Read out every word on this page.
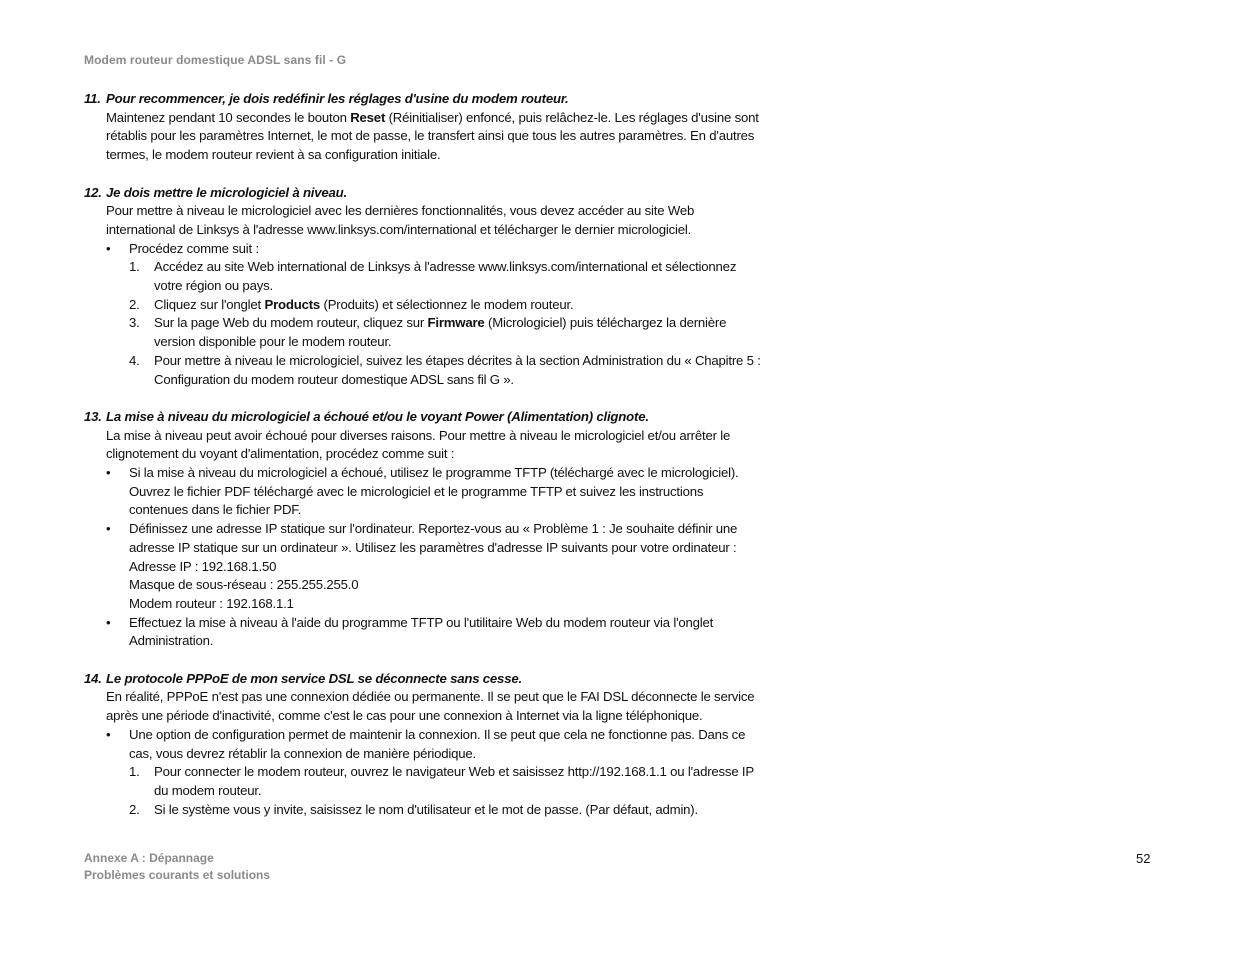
Modem routeur domestique ADSL sans fil - G
11. Pour recommencer, je dois redéfinir les réglages d'usine du modem routeur.

Maintenez pendant 10 secondes le bouton Reset (Réinitialiser) enfoncé, puis relâchez-le. Les réglages d'usine sont rétablis pour les paramètres Internet, le mot de passe, le transfert ainsi que tous les autres paramètres. En d'autres termes, le modem routeur revient à sa configuration initiale.

12. Je dois mettre le micrologiciel à niveau.

Pour mettre à niveau le micrologiciel avec les dernières fonctionnalités, vous devez accéder au site Web international de Linksys à l'adresse www.linksys.com/international et télécharger le dernier micrologiciel.

•	Procédez comme suit :
1.	Accédez au site Web international de Linksys à l'adresse www.linksys.com/international et sélectionnez votre région ou pays.
2.	Cliquez sur l'onglet Products (Produits) et sélectionnez le modem routeur.
3.	Sur la page Web du modem routeur, cliquez sur Firmware (Micrologiciel) puis téléchargez la dernière version disponible pour le modem routeur.
4.	Pour mettre à niveau le micrologiciel, suivez les étapes décrites à la section Administration du « Chapitre 5 : Configuration du modem routeur domestique ADSL sans fil G ».
13. La mise à niveau du micrologiciel a échoué et/ou le voyant Power (Alimentation) clignote.

La mise à niveau peut avoir échoué pour diverses raisons. Pour mettre à niveau le micrologiciel et/ou arrêter le clignotement du voyant d'alimentation, procédez comme suit :

•	Si la mise à niveau du micrologiciel a échoué, utilisez le programme TFTP (téléchargé avec le micrologiciel). Ouvrez le fichier PDF téléchargé avec le micrologiciel et le programme TFTP et suivez les instructions contenues dans le fichier PDF.
•	Définissez une adresse IP statique sur l'ordinateur. Reportez-vous au « Problème 1 : Je souhaite définir une adresse IP statique sur un ordinateur ». Utilisez les paramètres d'adresse IP suivants pour votre ordinateur :
Adresse IP : 192.168.1.50
Masque de sous-réseau : 255.255.255.0
Modem routeur : 192.168.1.1
•	Effectuez la mise à niveau à l'aide du programme TFTP ou l'utilitaire Web du modem routeur via l'onglet Administration.
14. Le protocole PPPoE de mon service DSL se déconnecte sans cesse.

En réalité, PPPoE n'est pas une connexion dédiée ou permanente. Il se peut que le FAI DSL déconnecte le service après une période d'inactivité, comme c'est le cas pour une connexion à Internet via la ligne téléphonique.

•	Une option de configuration permet de maintenir la connexion. Il se peut que cela ne fonctionne pas. Dans ce cas, vous devrez rétablir la connexion de manière périodique.
1.	Pour connecter le modem routeur, ouvrez le navigateur Web et saisissez http://192.168.1.1 ou l'adresse IP du modem routeur.
2.	Si le système vous y invite, saisissez le nom d'utilisateur et le mot de passe. (Par défaut, admin).
Annexe A : Dépannage
Problèmes courants et solutions
52
